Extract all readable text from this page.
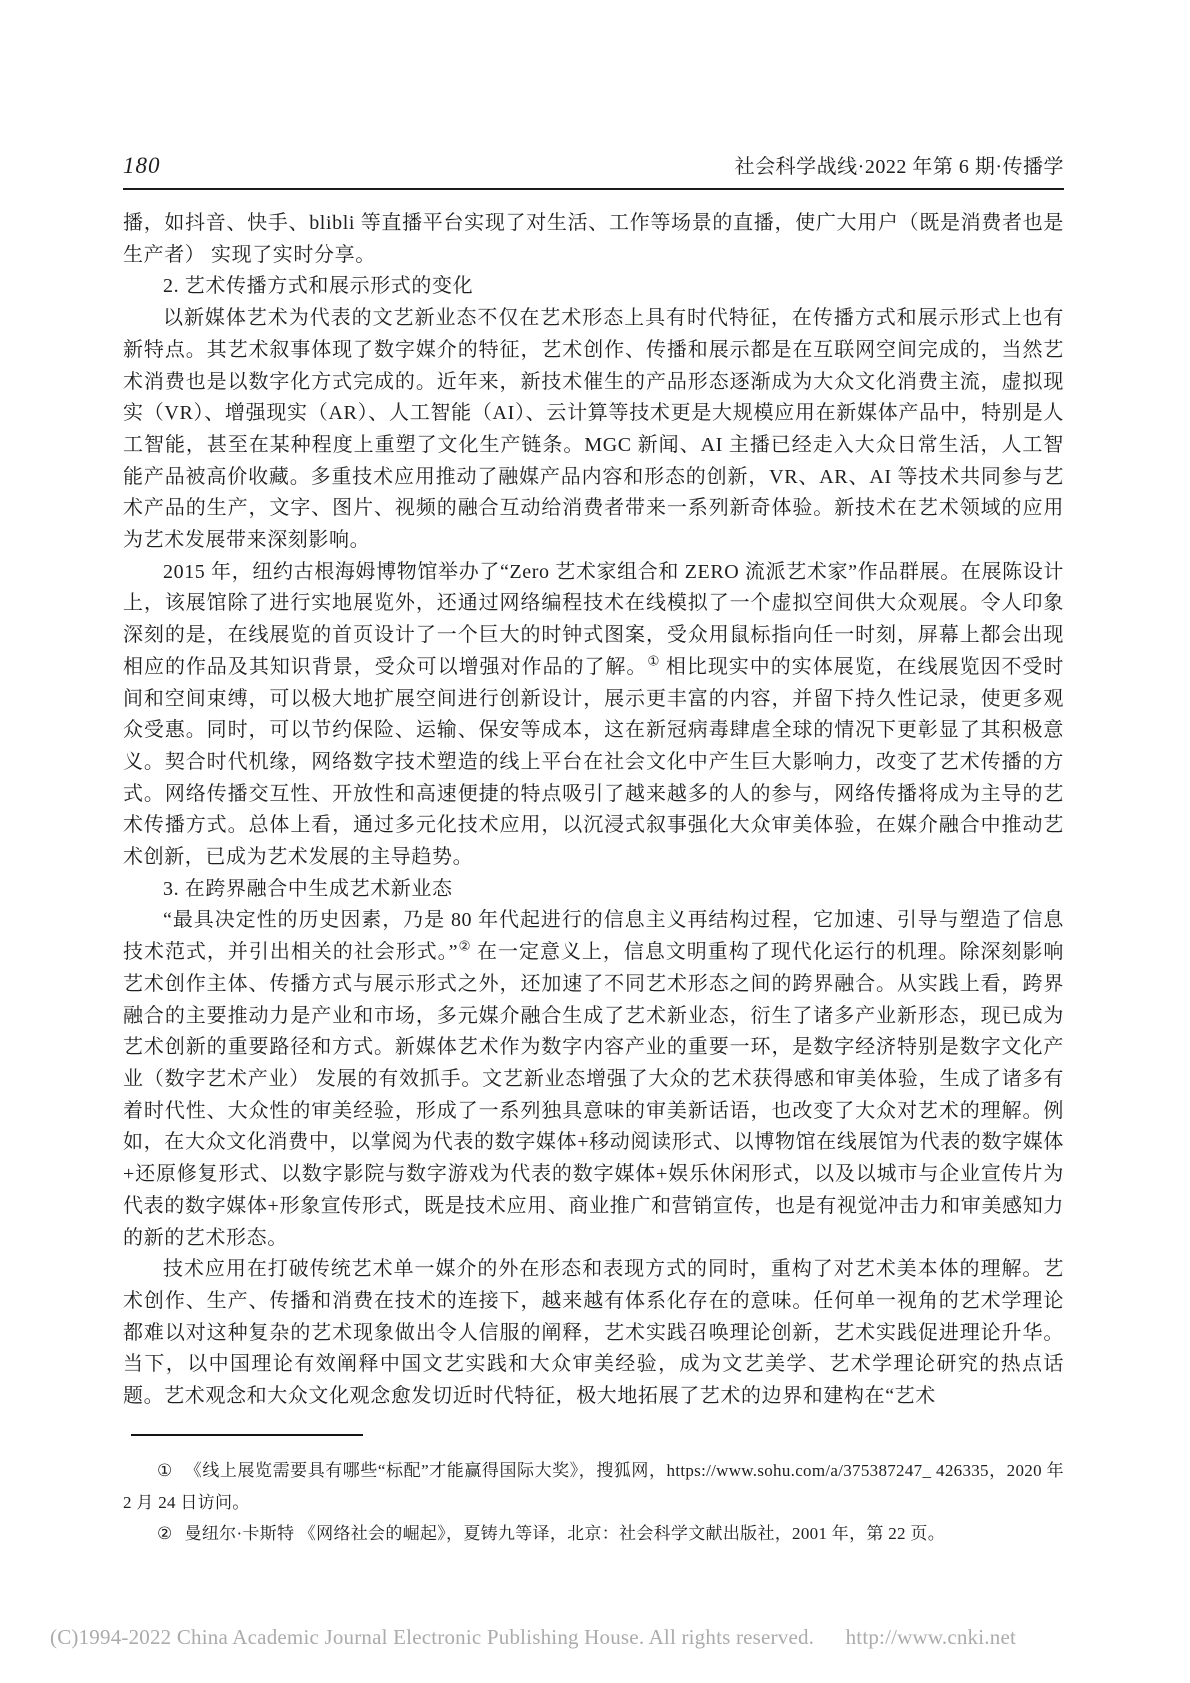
180	社会科学战线·2022 年第 6 期·传播学

播，如抖音、快手、blibli 等直播平台实现了对生活、工作等场景的直播，使广大用户（既是消费者也是生产者） 实现了实时分享。

2. 艺术传播方式和展示形式的变化

以新媒体艺术为代表的文艺新业态不仅在艺术形态上具有时代特征，在传播方式和展示形式上也有新特点。其艺术叙事体现了数字媒介的特征，艺术创作、传播和展示都是在互联网空间完成的，当然艺术消费也是以数字化方式完成的。近年来，新技术催生的产品形态逐渐成为大众文化消费主流，虚拟现实（VR）、增强现实（AR）、人工智能（AI）、云计算等技术更是大规模应用在新媒体产品中，特别是人工智能，甚至在某种程度上重塑了文化生产链条。MGC 新闻、AI 主播已经走入大众日常生活，人工智能产品被高价收藏。多重技术应用推动了融媒产品内容和形态的创新，VR、AR、AI 等技术共同参与艺术产品的生产，文字、图片、视频的融合互动给消费者带来一系列新奇体验。新技术在艺术领域的应用为艺术发展带来深刻影响。

2015 年，纽约古根海姆博物馆举办了“Zero 艺术家组合和 ZERO 流派艺术家”作品群展。在展陈设计上，该展馆除了进行实地展览外，还通过网络编程技术在线模拟了一个虚拟空间供大众观展。令人印象深刻的是，在线展览的首页设计了一个巨大的时钟式图案，受众用鼠标指向任一时刻，屏幕上都会出现相应的作品及其知识背景，受众可以增强对作品的了解。① 相比现实中的实体展览，在线展览因不受时间和空间束缚，可以极大地扩展空间进行创新设计，展示更丰富的内容，并留下持久性记录，使更多观众受惠。同时，可以节约保险、运输、保安等成本，这在新冠病毒肆虐全球的情况下更彰显了其积极意义。契合时代机缘，网络数字技术塑造的线上平台在社会文化中产生巨大影响力，改变了艺术传播的方式。网络传播交互性、开放性和高速便捷的特点吸引了越来越多的人的参与，网络传播将成为主导的艺术传播方式。总体上看，通过多元化技术应用，以沉浸式叙事强化大众审美体验，在媒介融合中推动艺术创新，已成为艺术发展的主导趋势。

3. 在跨界融合中生成艺术新业态

“最具决定性的历史因素，乃是 80 年代起进行的信息主义再结构过程，它加速、引导与塑造了信息技术范式，并引出相关的社会形式。”② 在一定意义上，信息文明重构了现代化运行的机理。除深刻影响艺术创作主体、传播方式与展示形式之外，还加速了不同艺术形态之间的跨界融合。从实践上看，跨界融合的主要推动力是产业和市场，多元媒介融合生成了艺术新业态，衍生了诸多产业新形态，现已成为艺术创新的重要路径和方式。新媒体艺术作为数字内容产业的重要一环，是数字经济特别是数字文化产业（数字艺术产业） 发展的有效抓手。文艺新业态增强了大众的艺术获得感和审美体验，生成了诸多有着时代性、大众性的审美经验，形成了一系列独具意味的审美新话语，也改变了大众对艺术的理解。例如，在大众文化消费中，以掌阅为代表的数字媒体+移动阅读形式、以博物馆在线展馆为代表的数字媒体+还原修复形式、以数字影院与数字游戏为代表的数字媒体+娱乐休闲形式，以及以城市与企业宣传片为代表的数字媒体+形象宣传形式，既是技术应用、商业推广和营销宣传，也是有视觉冲击力和审美感知力的新的艺术形态。

技术应用在打破传统艺术单一媒介的外在形态和表现方式的同时，重构了对艺术美本体的理解。艺术创作、生产、传播和消费在技术的连接下，越来越有体系化存在的意味。任何单一视角的艺术学理论都难以对这种复杂的艺术现象做出令人信服的阐释，艺术实践召唤理论创新，艺术实践促进理论升华。当下，以中国理论有效阐释中国文艺实践和大众审美经验，成为文艺美学、艺术学理论研究的热点话题。艺术观念和大众文化观念愈发切近时代特征，极大地拓展了艺术的边界和建构在“艺术

① 《线上展览需要具有哪些“标配”才能赢得国际大奖》，搜狐网，https://www.sohu.com/a/375387247_ 426335，2020 年 2 月 24 日访问。

② 曼纽尔·卡斯特 《网络社会的崛起》，夏铸九等译，北京：社会科学文献出版社，2001 年，第 22 页。

(C)1994-2022 China Academic Journal Electronic Publishing House. All rights reserved. http://www.cnki.net
